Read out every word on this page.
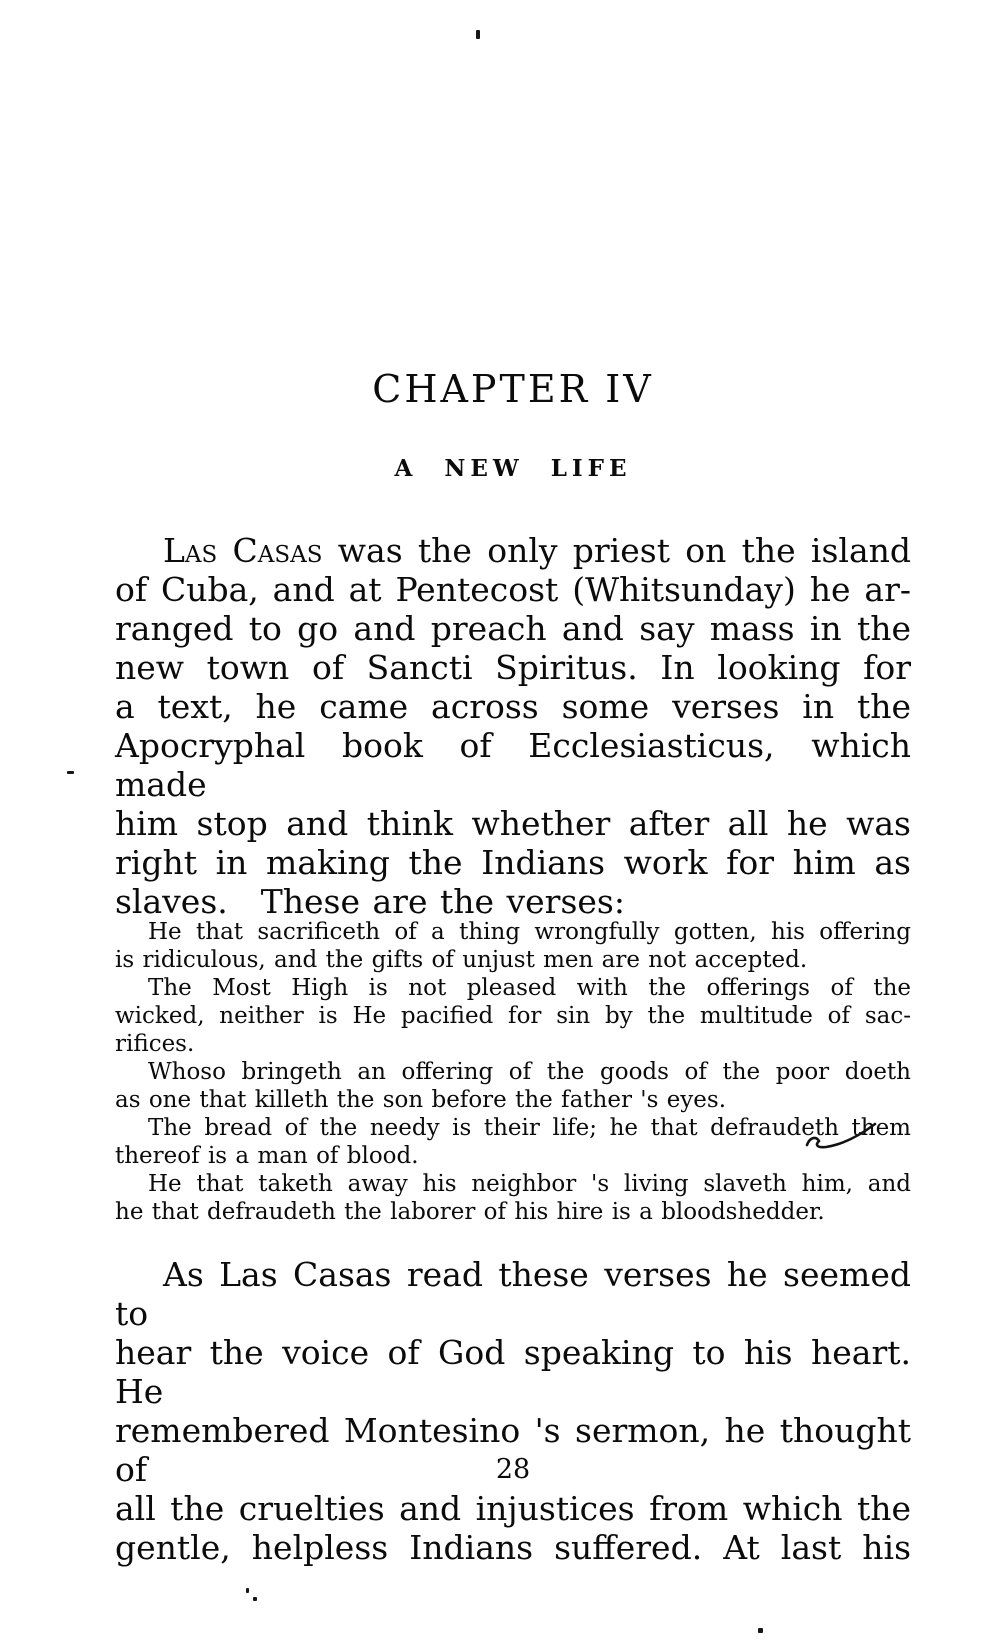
CHAPTER IV
A NEW LIFE
Las Casas was the only priest on the island
of Cuba, and at Pentecost (Whitsunday) he ar-
ranged to go and preach and say mass in the
new town of Sancti Spiritus. In looking for
a text, he came across some verses in the
Apocryphal book of Ecclesiasticus, which made
him stop and think whether after all he was
right in making the Indians work for him as
slaves. These are the verses:
He that sacrificeth of a thing wrongfully gotten, his offering
is ridiculous, and the gifts of unjust men are not accepted.
The Most High is not pleased with the offerings of the
wicked, neither is He pacified for sin by the multitude of sac-
rifices.
Whoso bringeth an offering of the goods of the poor doeth
as one that killeth the son before the father 's eyes.
The bread of the needy is their life; he that defraudeth them
thereof is a man of blood.
He that taketh away his neighbor 's living slaveth him, and
he that defraudeth the laborer of his hire is a bloodshedder.
As Las Casas read these verses he seemed to
hear the voice of God speaking to his heart. He
remembered Montesino 's sermon, he thought of
all the cruelties and injustices from which the
gentle, helpless Indians suffered. At last his
28
